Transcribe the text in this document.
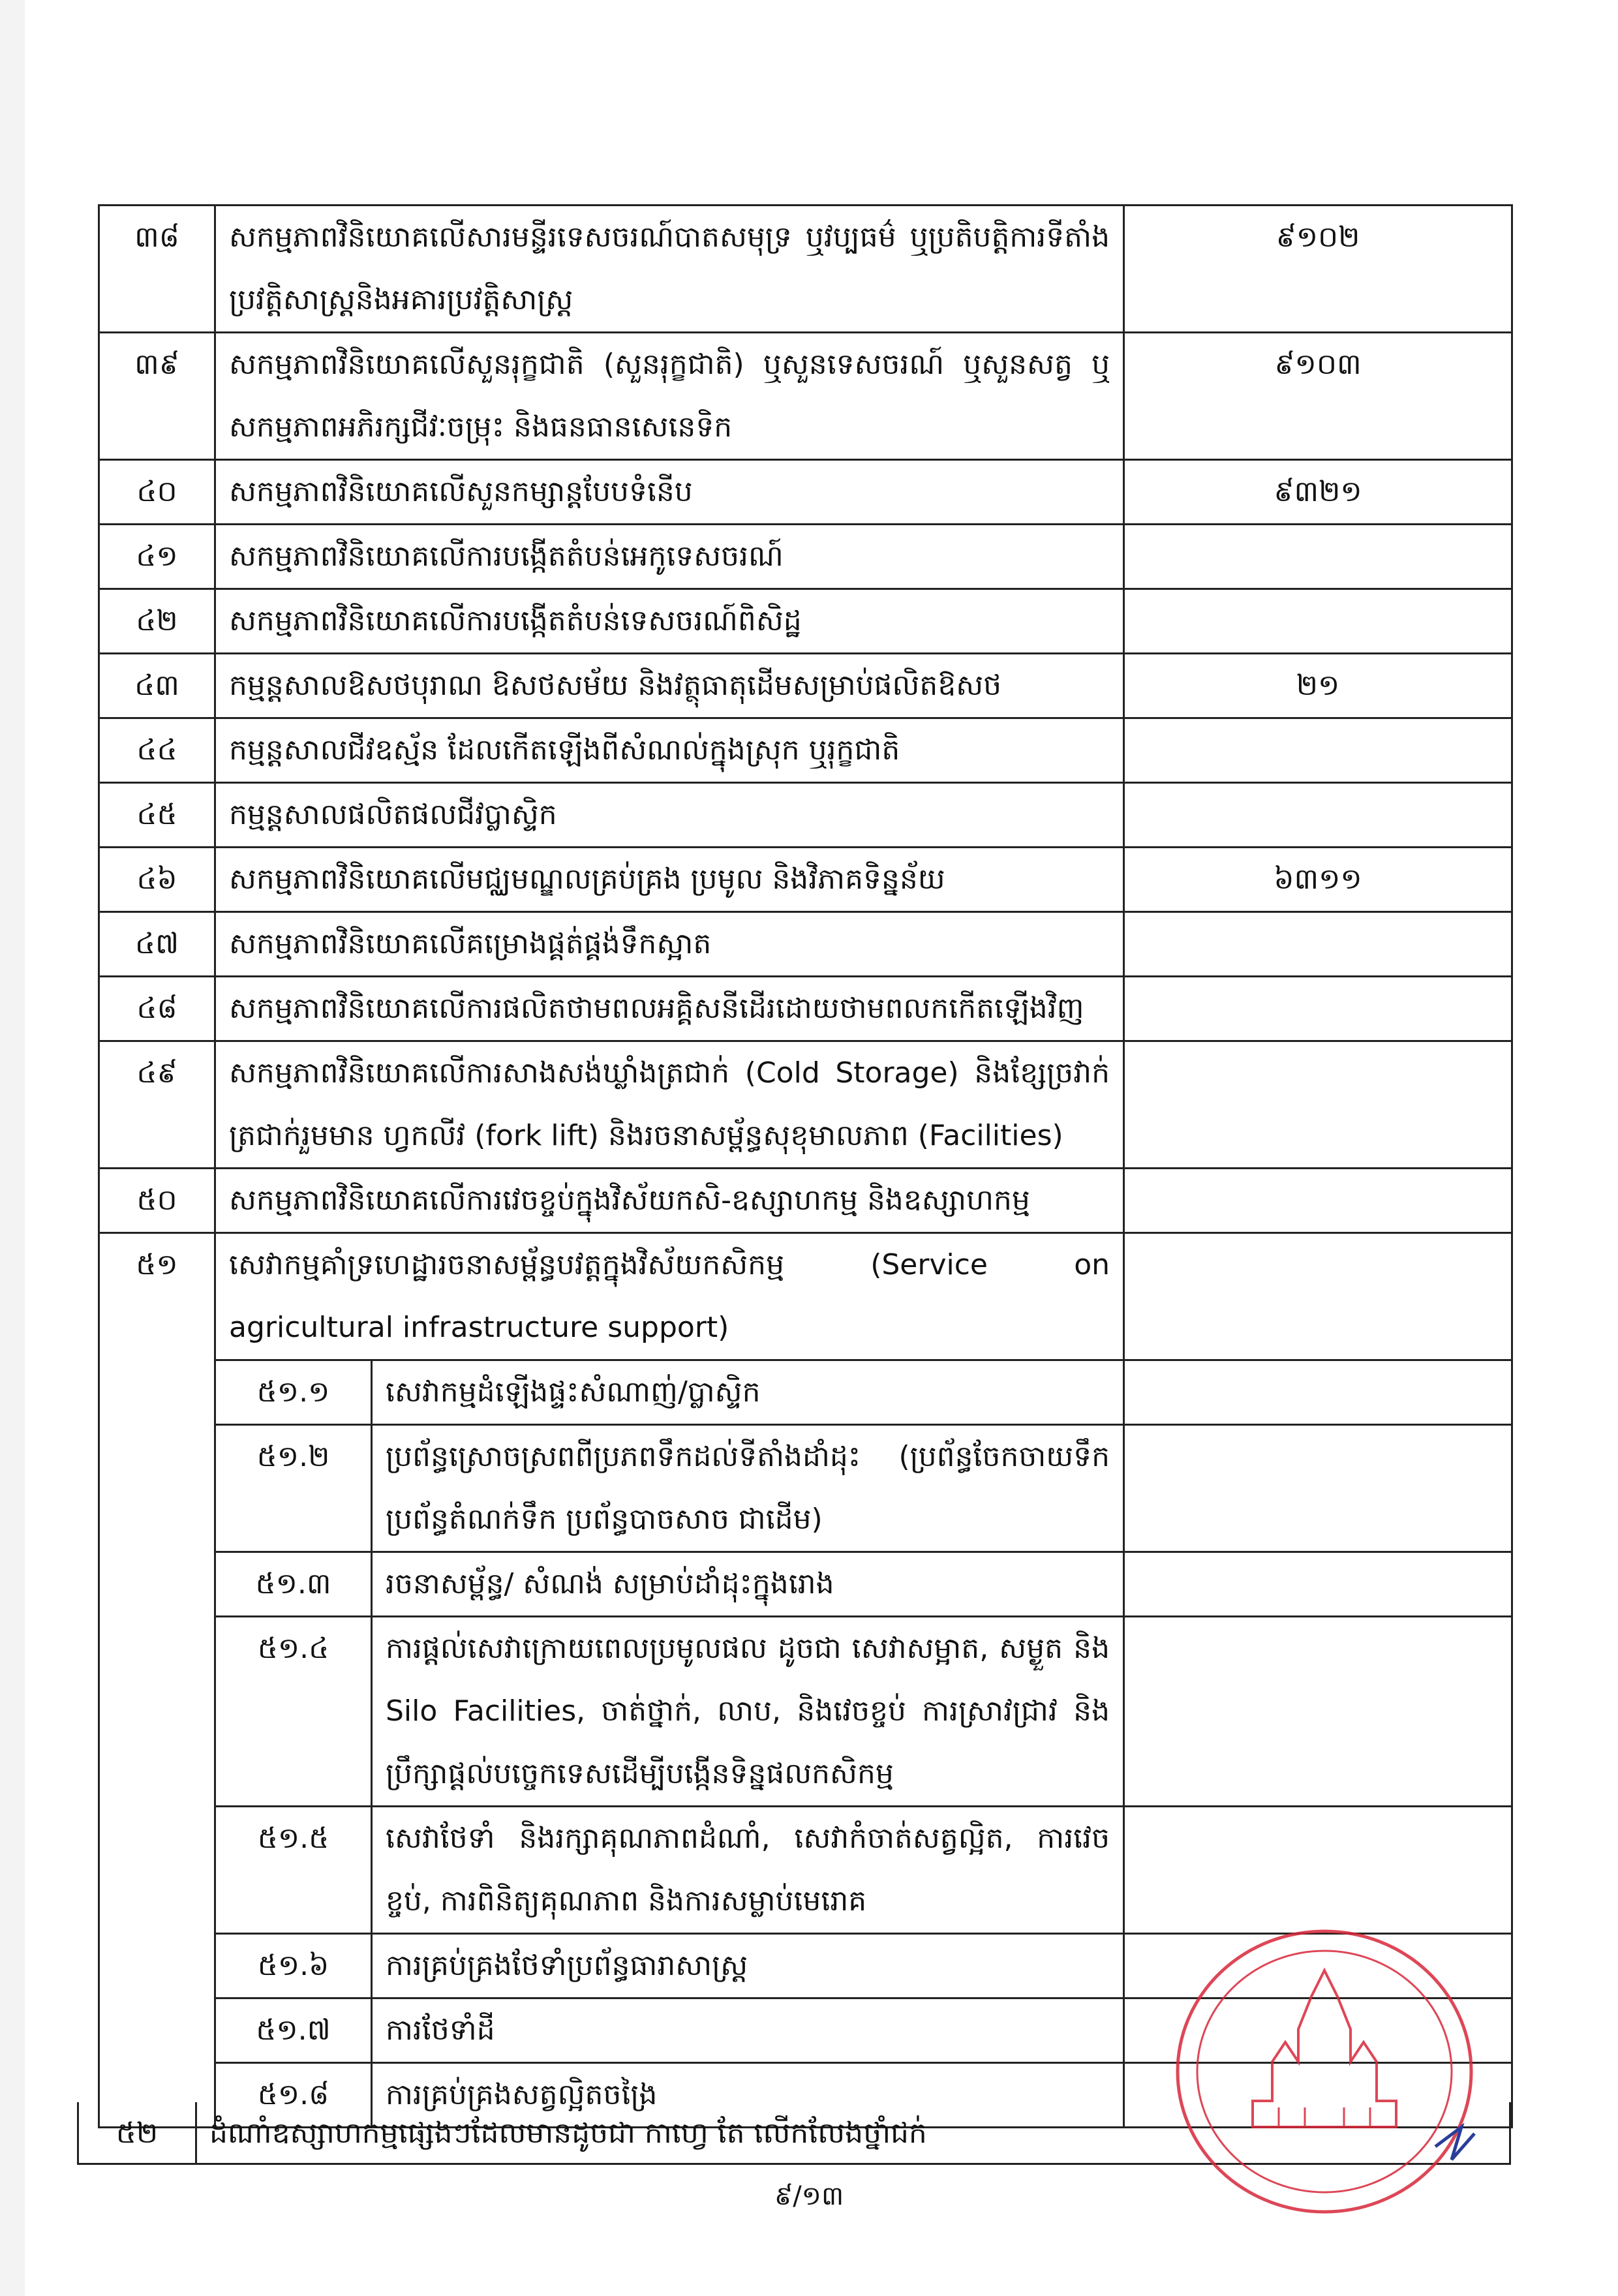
៣៨	សកម្មភាពវិនិយោគលើសារមន្ទីរទេសចរណ៍បាតសមុទ្រ ឬវប្បធម៌ ឬប្រតិបត្តិការទីតាំងប្រវត្តិសាស្ត្រនិងអគារប្រវត្តិសាស្ត្រ		៩១០២
៣៩	សកម្មភាពវិនិយោគលើសួនរុក្ខជាតិ (សួនរុក្ខជាតិ) ឬសួនទេសចរណ៍ ឬសួនសត្វ ឬសកម្មភាពអភិរក្សជីវៈចម្រុះ និងធនធានសេនេទិក		៩១០៣
៤០	សកម្មភាពវិនិយោគលើសួនកម្សាន្តបែបទំនើប		៩៣២១
៤១	សកម្មភាពវិនិយោគលើការបង្កើតតំបន់អេកូទេសចរណ៍		
៤២	សកម្មភាពវិនិយោគលើការបង្កើតតំបន់ទេសចរណ៍ពិសិដ្ឋ		
៤៣	កម្មន្តសាលឱសថបុរាណ ឱសថសម័យ និងវត្ថុធាតុដើមសម្រាប់ផលិតឱសថ		២១
៤៤	កម្មន្តសាលជីវឧស្ម័ន ដែលកើតឡើងពីសំណល់ក្នុងស្រុក ឬរុក្ខជាតិ		
៤៥	កម្មន្តសាលផលិតផលជីវប្លាស្ទិក		
៤៦	សកម្មភាពវិនិយោគលើមជ្ឈមណ្ឌលគ្រប់គ្រង ប្រមូល និងវិភាគទិន្នន័យ		៦៣១១
៤៧	សកម្មភាពវិនិយោគលើគម្រោងផ្គត់ផ្គង់ទឹកស្អាត		
៤៨	សកម្មភាពវិនិយោគលើការផលិតថាមពលអគ្គិសនីដើរដោយថាមពលកកើតឡើងវិញ		
៤៩	សកម្មភាពវិនិយោគលើការសាងសង់ឃ្លាំងត្រជាក់ (Cold Storage) និងខ្សែច្រវាក់ត្រជាក់រួមមាន ហ្វកលីវ (fork lift) និងរចនាសម្ព័ន្ធសុខុមាលភាព (Facilities)		
៥០	សកម្មភាពវិនិយោគលើការវេចខ្ចប់ក្នុងវិស័យកសិ-ឧស្សាហកម្ម និងឧស្សាហកម្ម		
៥១	សេវាកម្មគាំទ្រហេដ្ឋារចនាសម្ព័ន្ធបវត្តក្នុងវិស័យកសិកម្ម (Service on agricultural infrastructure support)		
	៥១.១	សេវាកម្មដំឡើងផ្ទះសំណាញ់/ប្លាស្ទិក	
	៥១.២	ប្រព័ន្ធស្រោចស្រពពីប្រភពទឹកដល់ទីតាំងដាំដុះ (ប្រព័ន្ធចែកចាយទឹក ប្រព័ន្ធតំណក់ទឹក ប្រព័ន្ធបាចសាច ជាដើម)	
	៥១.៣	រចនាសម្ព័ន្ធ/ សំណង់ សម្រាប់ដាំដុះក្នុងរោង	
	៥១.៤	ការផ្តល់សេវាក្រោយពេលប្រមូលផល ដូចជា សេវាសម្អាត, សម្ងួត និង Silo Facilities, ចាត់ថ្នាក់, លាប, និងវេចខ្ចប់ ការស្រាវជ្រាវ និងប្រឹក្សាផ្តល់បច្ចេកទេសដើម្បីបង្កើនទិន្នផលកសិកម្ម	
	៥១.៥	សេវាថែទាំ និងរក្សាគុណភាពដំណាំ, សេវាកំចាត់សត្វល្អិត, ការវេចខ្ចប់, ការពិនិត្យគុណភាព និងការសម្លាប់មេរោគ	
	៥១.៦	ការគ្រប់គ្រងថែទាំប្រព័ន្ធធារាសាស្ត្រ	
	៥១.៧	ការថែទាំដី	
	៥១.៨	ការគ្រប់គ្រងសត្វល្អិតចង្រៃ	
៥២	ដំណាំឧស្សាហកម្មផ្សេងៗដែលមានដូចជា កាហ្វេ តែ លើកលែងថ្នាំជក់
៩/១៣
